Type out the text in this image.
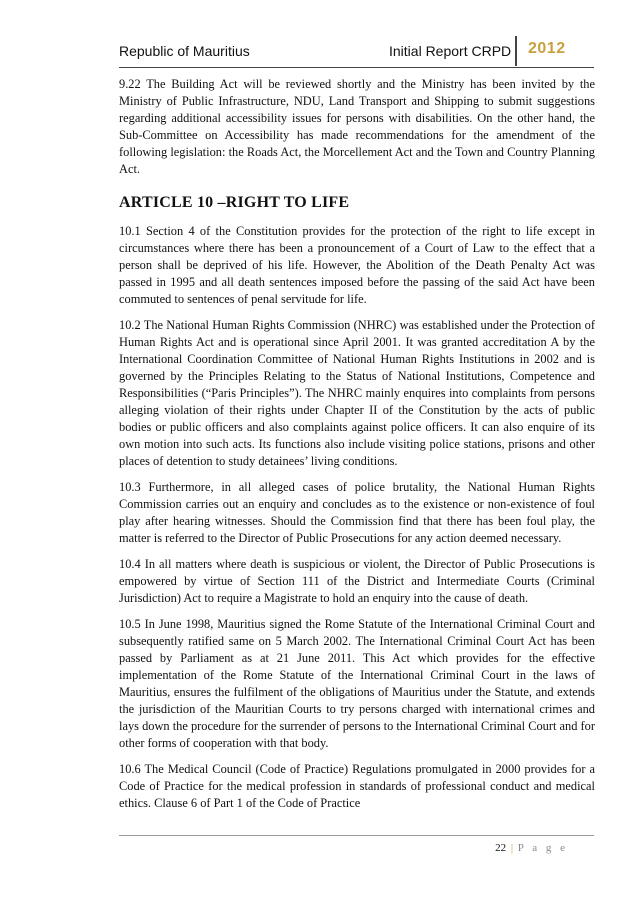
Republic of Mauritius	Initial Report CRPD 2012

9.22 The Building Act will be reviewed shortly and the Ministry has been invited by the Ministry of Public Infrastructure, NDU, Land Transport and Shipping to submit suggestions regarding additional accessibility issues for persons with disabilities. On the other hand, the Sub-Committee on Accessibility has made recommendations for the amendment of the following legislation: the Roads Act, the Morcellement Act and the Town and Country Planning Act.

ARTICLE 10 –RIGHT TO LIFE

10.1 Section 4 of the Constitution provides for the protection of the right to life except in circumstances where there has been a pronouncement of a Court of Law to the effect that a person shall be deprived of his life. However, the Abolition of the Death Penalty Act was passed in 1995 and all death sentences imposed before the passing of the said Act have been commuted to sentences of penal servitude for life.

10.2 The National Human Rights Commission (NHRC) was established under the Protection of Human Rights Act and is operational since April 2001. It was granted accreditation A by the International Coordination Committee of National Human Rights Institutions in 2002 and is governed by the Principles Relating to the Status of National Institutions, Competence and Responsibilities (“Paris Principles”). The NHRC mainly enquires into complaints from persons alleging violation of their rights under Chapter II of the Constitution by the acts of public bodies or public officers and also complaints against police officers. It can also enquire of its own motion into such acts. Its functions also include visiting police stations, prisons and other places of detention to study detainees’ living conditions.

10.3 Furthermore, in all alleged cases of police brutality, the National Human Rights Commission carries out an enquiry and concludes as to the existence or non-existence of foul play after hearing witnesses. Should the Commission find that there has been foul play, the matter is referred to the Director of Public Prosecutions for any action deemed necessary.

10.4 In all matters where death is suspicious or violent, the Director of Public Prosecutions is empowered by virtue of Section 111 of the District and Intermediate Courts (Criminal Jurisdiction) Act to require a Magistrate to hold an enquiry into the cause of death.

10.5 In June 1998, Mauritius signed the Rome Statute of the International Criminal Court and subsequently ratified same on 5 March 2002. The International Criminal Court Act has been passed by Parliament as at 21 June 2011. This Act which provides for the effective implementation of the Rome Statute of the International Criminal Court in the laws of Mauritius, ensures the fulfilment of the obligations of Mauritius under the Statute, and extends the jurisdiction of the Mauritian Courts to try persons charged with international crimes and lays down the procedure for the surrender of persons to the International Criminal Court and for other forms of cooperation with that body.

10.6 The Medical Council (Code of Practice) Regulations promulgated in 2000 provides for a Code of Practice for the medical profession in standards of professional conduct and medical ethics. Clause 6 of Part 1 of the Code of Practice

22 | P a g e
